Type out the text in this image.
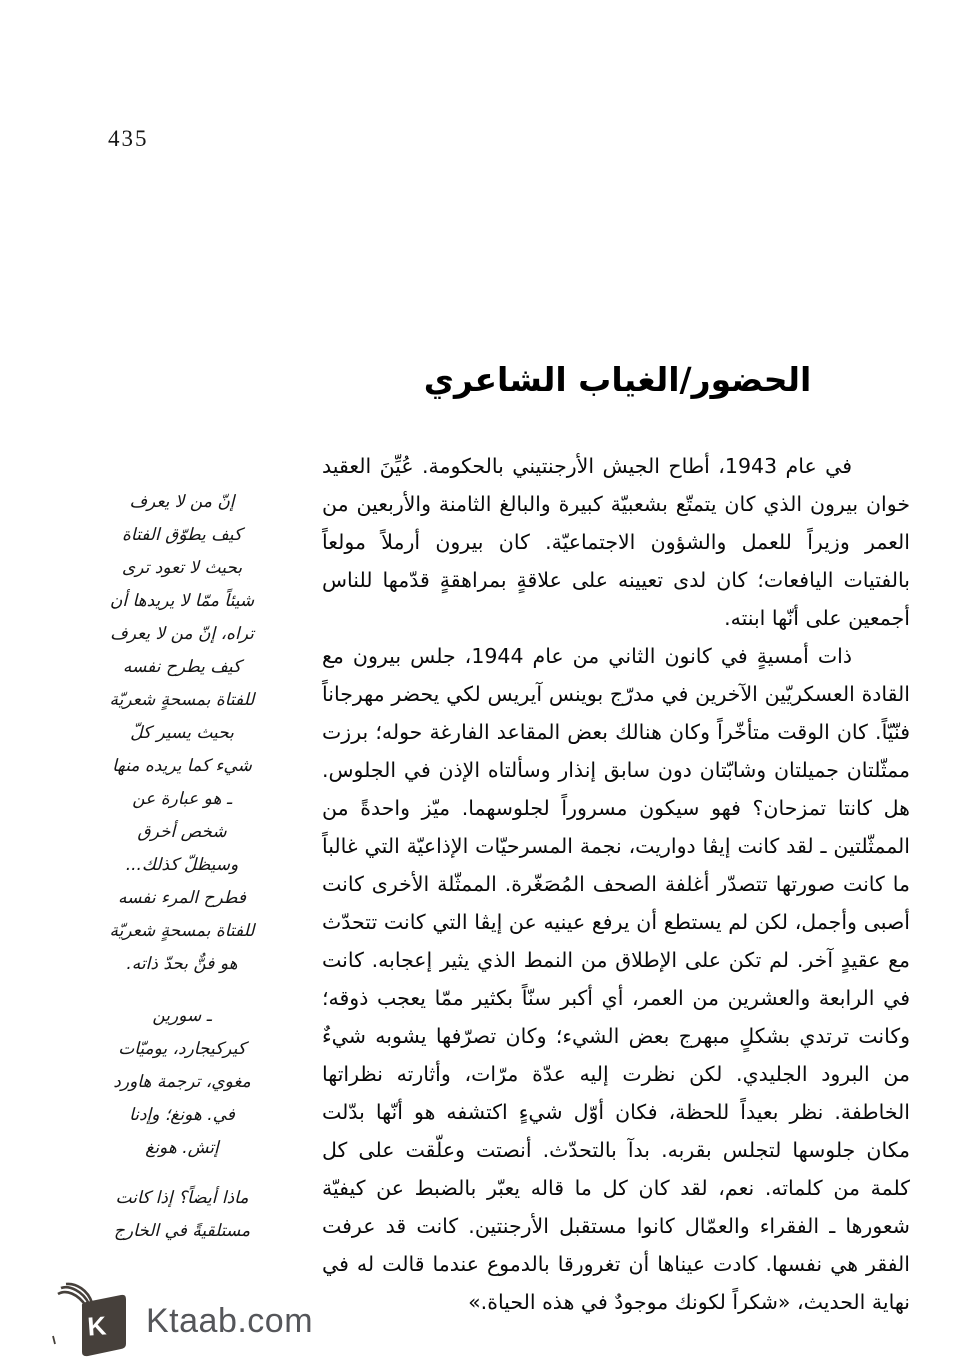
435
الحضور/الغياب الشاعري
إنّ من لا يعرف
كيف يطوّق الفتاة
بحيث لا تعود ترى
شيئاً ممّا لا يريدها أن
تراه، إنّ من لا يعرف
كيف يطرح نفسه
للفتاة بمسحةٍ شعريّة
بحيث يسير كلّ
شيء كما يريده منها
ـ هو عبارة عن
شخص أخرق
وسيظلّ كذلك...
فطرح المرء نفسه
للفتاة بمسحةٍ شعريّة
هو فنٌّ بحدّ ذاته.
ـ سورين
كيركيجارد، يوميّات
مغوي، ترجمة هاورد
في. هونغ؛ وإدنا
إتش. هونغ
ماذا أيضاً؟ إذا كانت
مستلقيةً في الخارج

في عام 1943، أطاح الجيش الأرجنتيني بالحكومة. عُيِّنَ العقيد خوان بيرون الذي كان يتمتّع بشعبيّة كبيرة والبالغ الثامنة والأربعين من العمر وزيراً للعمل والشؤون الاجتماعيّة. كان بيرون أرملاً مولعاً بالفتيات اليافعات؛ كان لدى تعيينه على علاقةٍ بمراهقةٍ قدّمها للناس أجمعين على أنّها ابنته.

ذات أمسيةٍ في كانون الثاني من عام 1944، جلس بيرون مع القادة العسكريّين الآخرين في مدرّج بوينس آيريس لكي يحضر مهرجاناً فنّيّاً. كان الوقت متأخّراً وكان هنالك بعض المقاعد الفارغة حوله؛ برزت ممثّلتان جميلتان وشابّتان دون سابق إنذار وسألتاه الإذن في الجلوس. هل كانتا تمزحان؟ فهو سيكون مسروراً لجلوسهما. ميّز واحدةً من الممثّلتين ـ لقد كانت إيڤا دواريت، نجمة المسرحيّات الإذاعيّة التي غالباً ما كانت صورتها تتصدّر أغلفة الصحف المُصَغّرة. الممثّلة الأخرى كانت أصبى وأجمل، لكن لم يستطع أن يرفع عينيه عن إيڤا التي كانت تتحدّث مع عقيدٍ آخر. لم تكن على الإطلاق من النمط الذي يثير إعجابه. كانت في الرابعة والعشرين من العمر، أي أكبر سنّاً بكثير ممّا يعجب ذوقه؛ وكانت ترتدي بشكلٍ مبهرج بعض الشيء؛ وكان تصرّفها يشوبه شيءٌ من البرود الجليدي. لكن نظرت إليه عدّة مرّات، وأثارته نظراتها الخاطفة. نظر بعيداً للحظة، فكان أوّل شيءٍ اكتشفه هو أنّها بدّلت مكان جلوسها لتجلس بقربه. بدآ بالتحدّث. أنصتت وعلّقت على كل كلمة من كلماته. نعم، لقد كان كل ما قاله يعبّر بالضبط عن كيفيّة شعورها ـ الفقراء والعمّال كانوا مستقبل الأرجنتين. كانت قد عرفت الفقر هي نفسها. كادت عيناها أن تغرورقا بالدموع عندما قالت له في نهاية الحديث، «شكراً لكونك موجودٌ في هذه الحياة.»

K Ktaab.com
